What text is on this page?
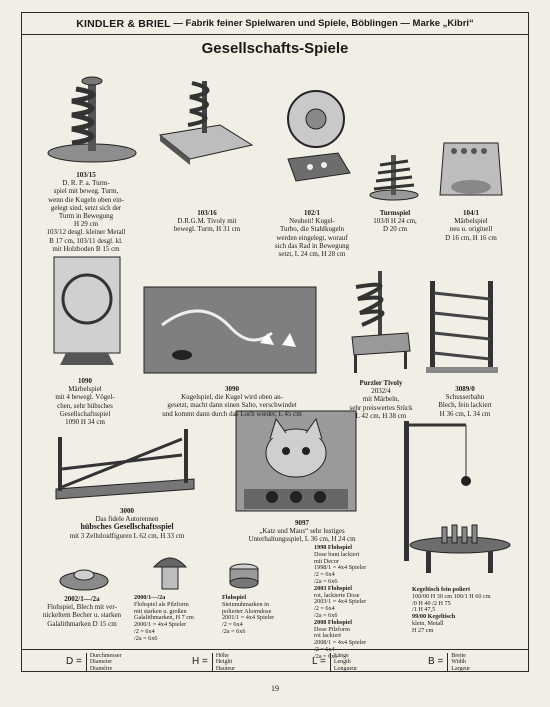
KINDLER & BRIEL
— Fabrik feiner Spielwaren und Spiele, Böblingen — Marke „Kibri“
Gesellschafts-Spiele

103/15

D. R. P. a. Turm-

spiel mit beweg. Turm,

wenn die Kugeln oben ein-

gelegt sind, setzt sich der

Turm in Bewegung

H 29 cm

103/12 desgl. kleiner Metall

B 17 cm, 103/11 desgl. kl.

mit Holzboden B 15 cm

103/16

D.R.G.M. Tivoly mit

bewegl. Turm, H 31 cm

102/1

Neuheit! Kugel-

Turbo, die Stahlkugeln

werden eingelegt, worauf

sich das Rad in Bewegung

setzt, L 24 cm, H 28 cm

Turmspiel

103/8 H 24 cm,

D 20 cm

104/1

Märbelspiel

neu u. originell

D 16 cm, H 16 cm

1090

Märbelspiel

mit 4 bewegl. Vögel-

chen, sehr hübsches

Gesellschaftsspiel

1090 H 34 cm

3090

Kugelspiel, die Kugel wird oben an-

gesetzt, macht dann einen Salto, verschwindet

und kommt dann durch das Loch wieder, L 45 cm

Purzler Tivoly

2032/4

mit Märbeln,

sehr preiswertes Stück

L 42 cm, H 38 cm

3089/0

Schusserbahn

Blech, fein lackiert

H 36 cm, L 34 cm

3000

Das fidele Autorennen

hübsches Gesellschaftsspiel

mit 3 Zelluloidfiguren L 62 cm, H 33 cm

9097

„Katz und Maus“ sehr lustiges

Unterhaltungsspiel, L 36 cm, H 24 cm

1998 Flohspiel

Dose bunt lackiert

mit Decor

1998/1 = 4x4 Spieler

/2 = 6x4

/2a = 6x6

2003 Flohspiel

rot, lackierte Dose

2003/1 = 4x4 Spieler

/2 = 6x4

/2a = 6x6

2008 Flohspiel

Dose Pilzform

rot lackiert

2008/1 = 4x4 Spieler

/2 = 6x4

/2a = 6x6

Kegeltisch fein poliert

100/00 H 30 cm 100/1 H 60 cm

/0 H 40 /2 H 75

/1 H 47,5

99/00 Kegeltisch

klein, Metall

H 27 cm

2002/1—/2a

Flohspiel, Blech mit ver-

nickeltem Becher u. starken

Galalithmarken D 15 cm

2000/1—/2a

Flohspiel als Pilzform

mit starken u. großen

Galalithmarken, H 7 cm

2000/1 = 4x4 Spieler

/2 = 6x4

/2a = 6x6

Flohspiel

Steinnuhmarken in

polierter Ahorndose

2001/1 = 4x4 Spieler

/2 = 6x4

/2a = 6x6

D =
Durchmesser
Diameter
Diamètre
H =
Höhe
Height
Hauteur
L =
Länge
Length
Longueur
B =
Breite
Width
Largeur
19
